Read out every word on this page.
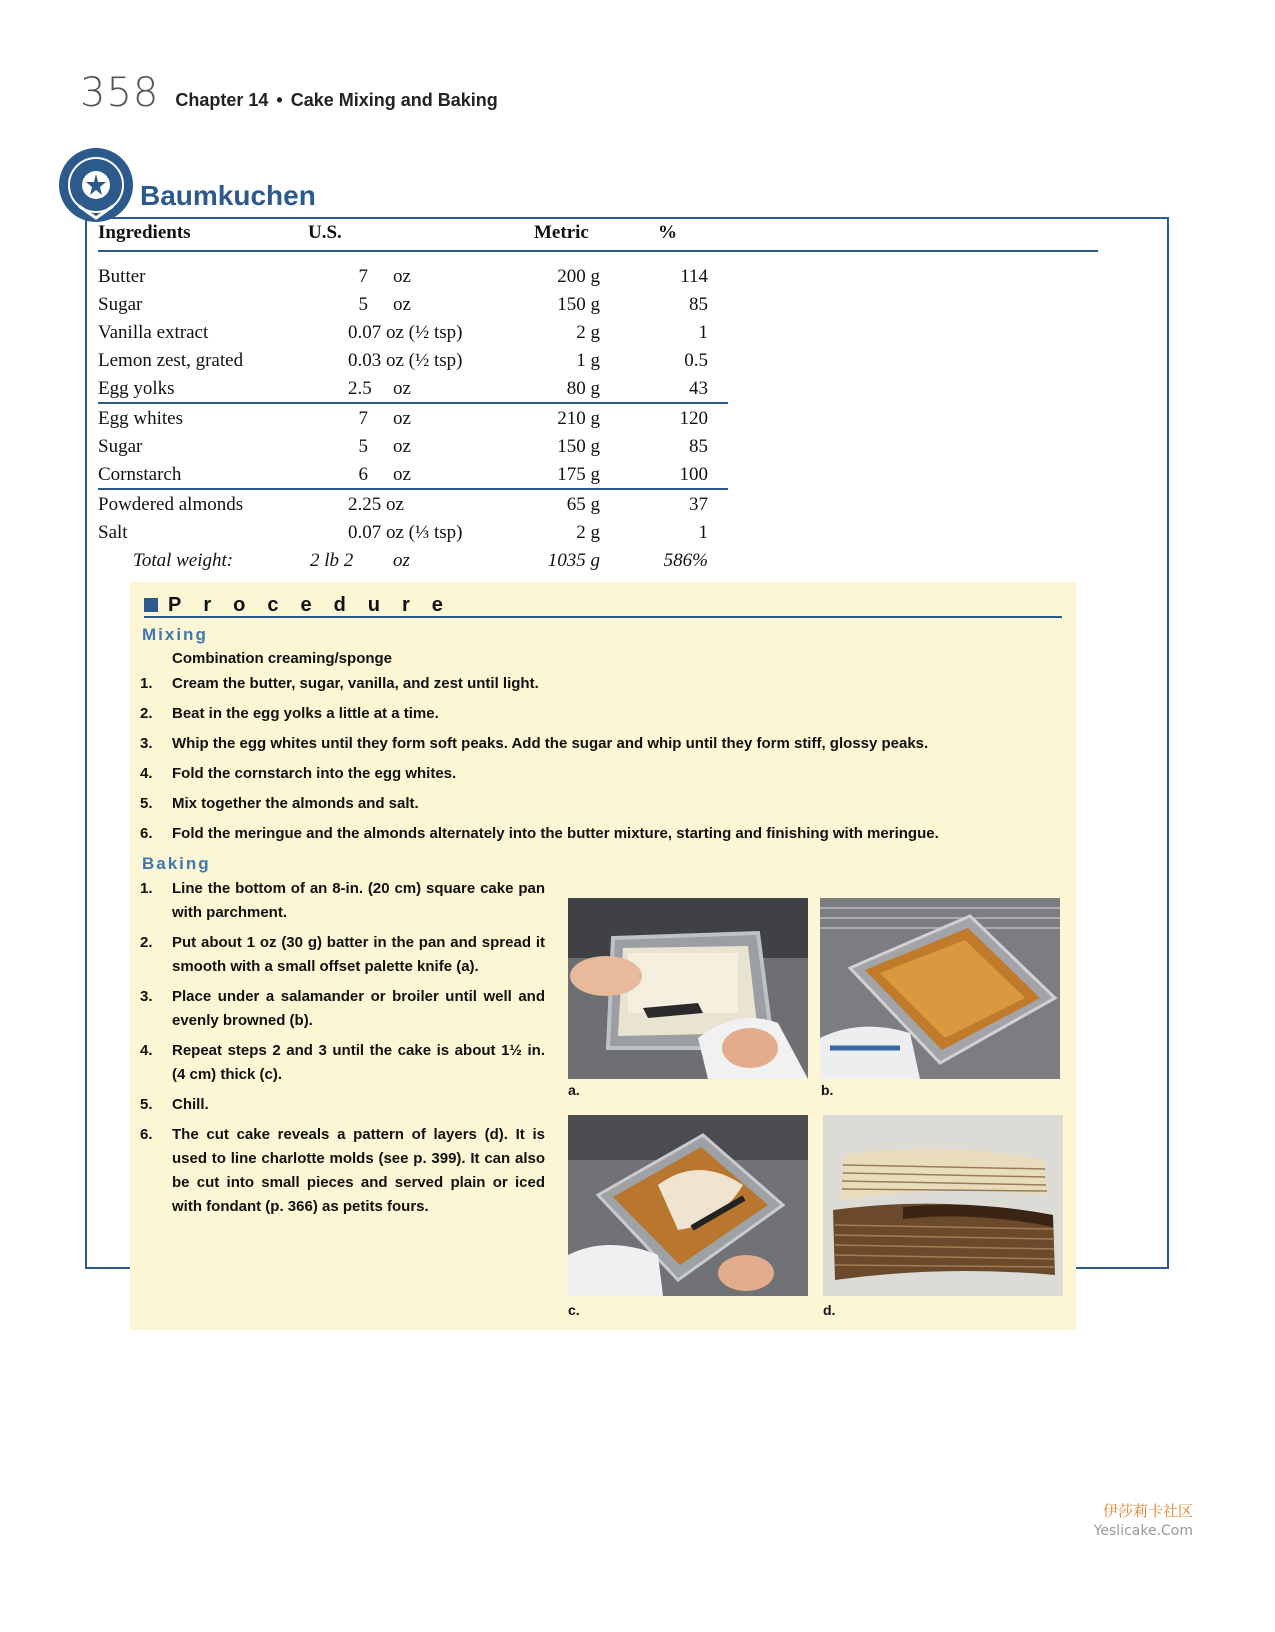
358 Chapter 14 • Cake Mixing and Baking
Baumkuchen
Ingredients	U.S.	Metric	%
Butter	7 oz	200 g	114
Sugar	5 oz	150 g	85
Vanilla extract	0.07 oz (½ tsp)	2 g	1
Lemon zest, grated	0.03 oz (½ tsp)	1 g	0.5
Egg yolks	2.5 oz	80 g	43
Egg whites	7 oz	210 g	120
Sugar	5 oz	150 g	85
Cornstarch	6 oz	175 g	100
Powdered almonds	2.25 oz	65 g	37
Salt	0.07 oz (⅓ tsp)	2 g	1
Total weight:	2 lb 2 oz	1035 g	586%
Procedure
Mixing
Combination creaming/sponge
1.	Cream the butter, sugar, vanilla, and zest until light.
2.	Beat in the egg yolks a little at a time.
3.	Whip the egg whites until they form soft peaks. Add the sugar and whip until they form stiff, glossy peaks.
4.	Fold the cornstarch into the egg whites.
5.	Mix together the almonds and salt.
6.	Fold the meringue and the almonds alternately into the butter mixture, starting and finishing with meringue.
Baking
1.	Line the bottom of an 8-in. (20 cm) square cake pan with parchment.
2.	Put about 1 oz (30 g) batter in the pan and spread it smooth with a small offset palette knife (a).
3.	Place under a salamander or broiler until well and evenly browned (b).
4.	Repeat steps 2 and 3 until the cake is about 1½ in. (4 cm) thick (c).
5.	Chill.
6.	The cut cake reveals a pattern of layers (d). It is used to line charlotte molds (see p. 399). It can also be cut into small pieces and served plain or iced with fondant (p. 366) as petits fours.
a.	b.
c.	d.
伊莎莉卡社区
Yeslicake.Com
